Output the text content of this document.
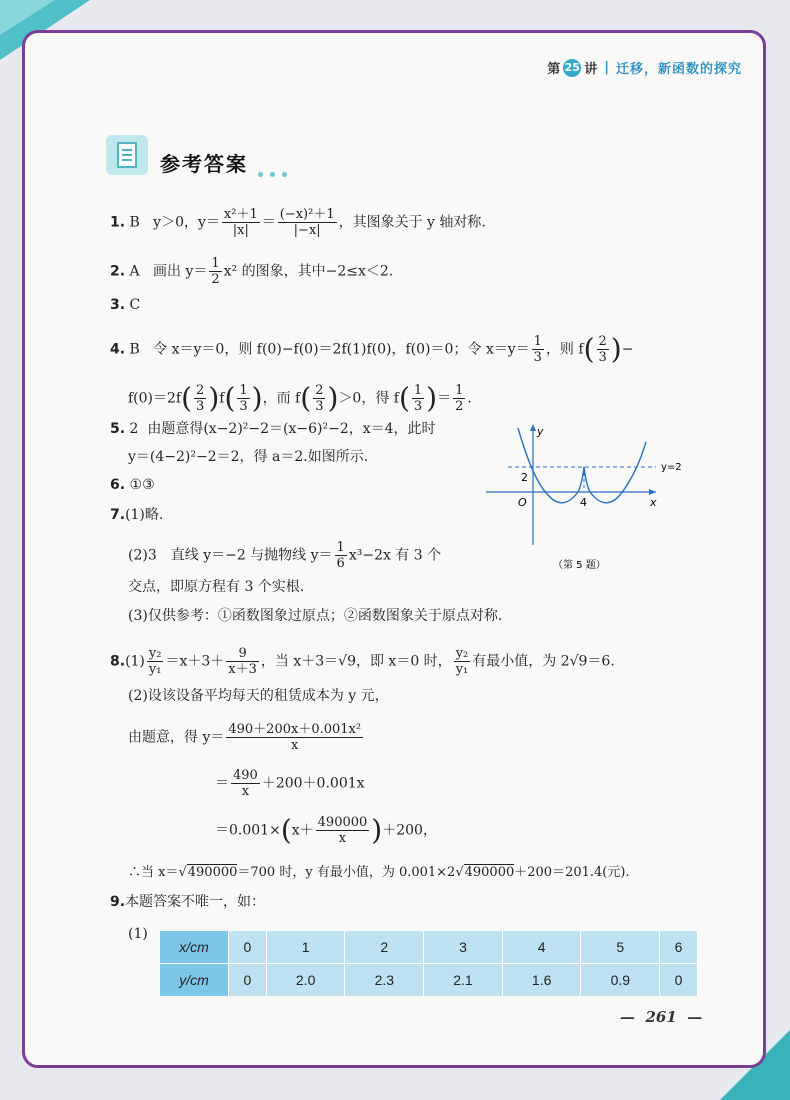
第 25 讲 | 迁移，新函数的探究
参考答案
1. B y＞0，$y= \frac{\text{x²＋1}}{|x|} = \frac{\text{(−x)²＋1}}{|-x|}$ ，其图象关于 y 轴对称.
2. A 画出 $y= \frac{1}{2} x^2$ 的图象，其中−2≤x＜2.
3. C
4. B 令 x＝y＝0，则 f(0)−f(0)＝2f(1)f(0)，f(0)＝0；令 $x=y= \frac{1}{3}$ ，则 $f( \frac{2}{3}$ )−
$f(0)=2f( \frac{2}{3} )f( \frac{1}{3}$ )，而 $f( \frac{2}{3} )>0$，得 $f( \frac{1}{3}$ )＝ $\frac{1}{2}$ .
5. 2 由题意得(x−2)²−2＝(x−6)²−2，x＝4，此时
y＝(4−2)²−2＝2，得 a＝2.如图所示.
y
x
O
2
4
y=2
（第 5 题）
6. ①③
7.(1)略.
(2)3　直线 y＝−2 与抛物线 $y= \frac{1}{6} x^3-2x$ 有 3 个
交点，即原方程有 3 个实根.
(3)仅供参考：①函数图象过原点；②函数图象关于原点对称.
$8.(1) \frac{\text{y₂}}{\text{y₁}} =x+3+ \frac{9}{x+3}$ ，当 x＋3＝√9，即 x＝0 时， $\frac{\text{y₂}}{\text{y₁}}$ 有最小值，为 2√9＝6.
(2)设该设备平均每天的租赁成本为 y 元，
由题意，得 $y= \frac{\text{490＋200x＋0.001x²}}{x}$
＝ $\frac{490}{x} +200+0.001x$
$=0.001\times(x+ \frac{490000}{x} )+200$，
∴当 x＝√490000＝700 时，y 有最小值，为 0.001×2√490000＋200＝201.4(元).
9.本题答案不唯一，如：
(1)
x/cm	0	1	2	3	4	5	6
y/cm	0	2.0	2.3	2.1	1.6	0.9	0
—  261  —
